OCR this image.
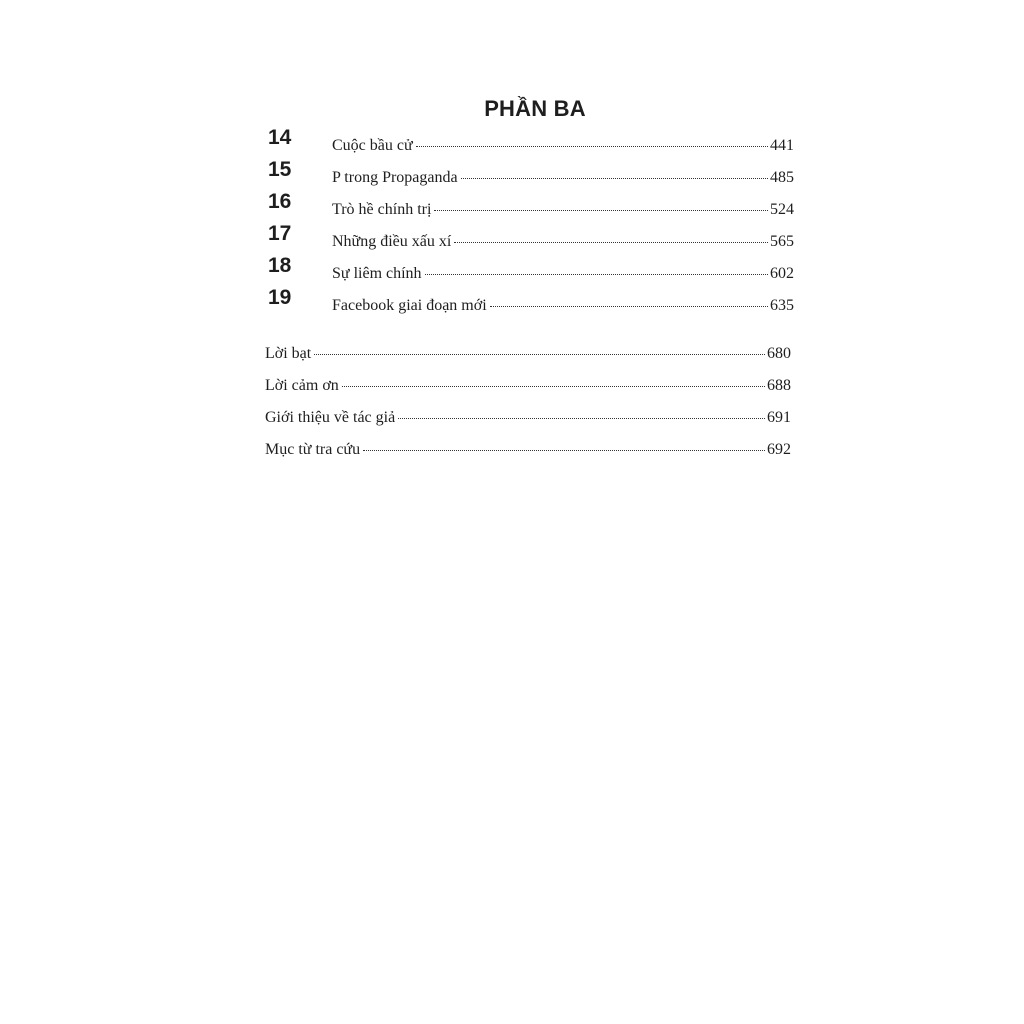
PHẦN BA
14	Cuộc bầu cử	441
15	P trong Propaganda	485
16	Trò hề chính trị	524
17	Những điều xấu xí	565
18	Sự liêm chính	602
19	Facebook giai đoạn mới	635
Lời bạt	680
Lời cảm ơn	688
Giới thiệu về tác giả	691
Mục từ tra cứu	692
